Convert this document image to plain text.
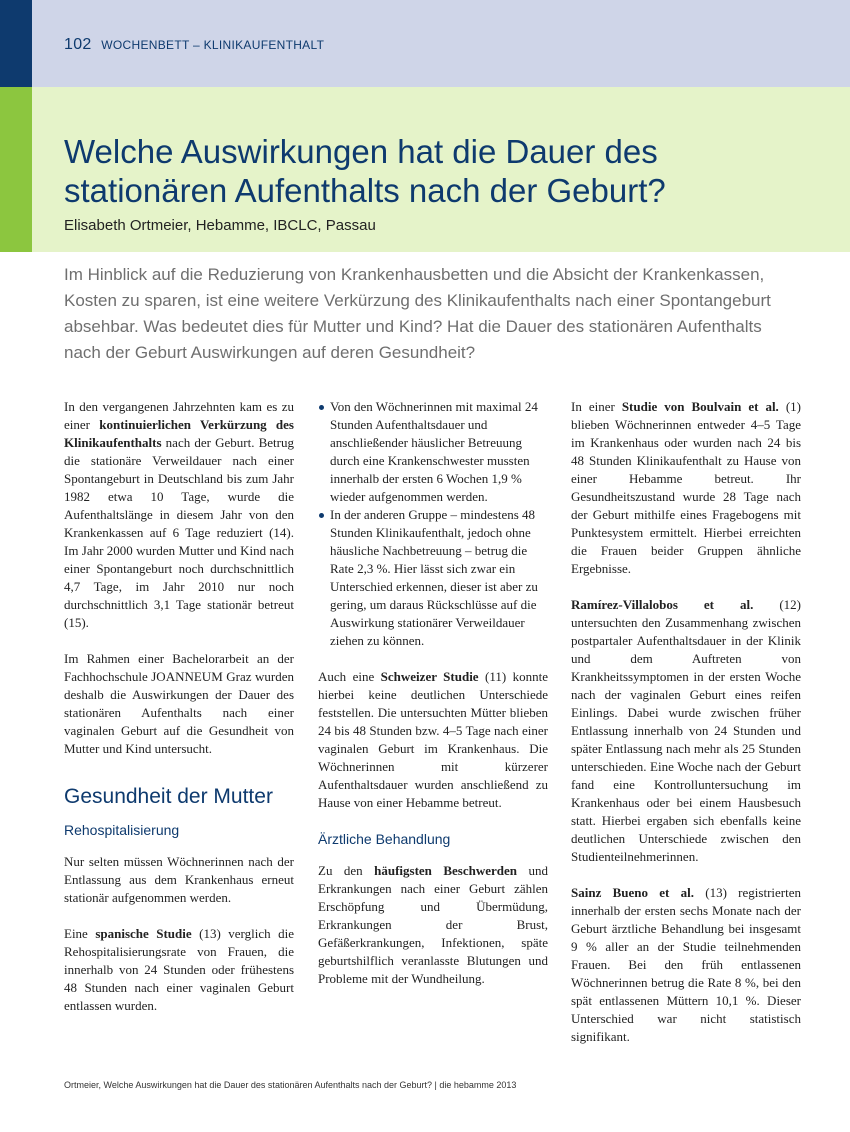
102 WOCHENBETT – KLINIKAUFENTHALT
Welche Auswirkungen hat die Dauer des stationären Aufenthalts nach der Geburt?
Elisabeth Ortmeier, Hebamme, IBCLC, Passau

Im Hinblick auf die Reduzierung von Krankenhausbetten und die Absicht der Krankenkassen, Kosten zu sparen, ist eine weitere Verkürzung des Klinikaufenthalts nach einer Spontangeburt absehbar. Was bedeutet dies für Mutter und Kind? Hat die Dauer des stationären Aufenthalts nach der Geburt Auswirkungen auf deren Gesundheit?

In den vergangenen Jahrzehnten kam es zu einer kontinuierlichen Verkürzung des Klinikaufenthalts nach der Geburt. Betrug die stationäre Verweildauer nach einer Spontangeburt in Deutschland bis zum Jahr 1982 etwa 10 Tage, wurde die Aufenthaltslänge in diesem Jahr von den Krankenkassen auf 6 Tage reduziert (14). Im Jahr 2000 wurden Mutter und Kind nach einer Spontangeburt noch durchschnittlich 4,7 Tage, im Jahr 2010 nur noch durchschnittlich 3,1 Tage stationär betreut (15).

Im Rahmen einer Bachelorarbeit an der Fachhochschule JOANNEUM Graz wurden deshalb die Auswirkungen der Dauer des stationären Aufenthalts nach einer vaginalen Geburt auf die Gesundheit von Mutter und Kind untersucht.

Gesundheit der Mutter
Rehospitalisierung

Nur selten müssen Wöchnerinnen nach der Entlassung aus dem Krankenhaus erneut stationär aufgenommen werden.

Eine spanische Studie (13) verglich die Rehospitalisierungsrate von Frauen, die innerhalb von 24 Stunden oder frühestens 48 Stunden nach einer vaginalen Geburt entlassen wurden.

Von den Wöchnerinnen mit maximal 24 Stunden Aufenthaltsdauer und anschließender häuslicher Betreuung durch eine Krankenschwester mussten innerhalb der ersten 6 Wochen 1,9 % wieder aufgenommen werden.
In der anderen Gruppe – mindestens 48 Stunden Klinikaufenthalt, jedoch ohne häusliche Nachbetreuung – betrug die Rate 2,3 %. Hier lässt sich zwar ein Unterschied erkennen, dieser ist aber zu gering, um daraus Rückschlüsse auf die Auswirkung stationärer Verweildauer ziehen zu können.

Auch eine Schweizer Studie (11) konnte hierbei keine deutlichen Unterschiede feststellen. Die untersuchten Mütter blieben 24 bis 48 Stunden bzw. 4–5 Tage nach einer vaginalen Geburt im Krankenhaus. Die Wöchnerinnen mit kürzerer Aufenthaltsdauer wurden anschließend zu Hause von einer Hebamme betreut.

Ärztliche Behandlung

Zu den häufigsten Beschwerden und Erkrankungen nach einer Geburt zählen Erschöpfung und Übermüdung, Erkrankungen der Brust, Gefäßerkrankungen, Infektionen, späte geburtshilflich veranlasste Blutungen und Probleme mit der Wundheilung.

In einer Studie von Boulvain et al. (1) blieben Wöchnerinnen entweder 4–5 Tage im Krankenhaus oder wurden nach 24 bis 48 Stunden Klinikaufenthalt zu Hause von einer Hebamme betreut. Ihr Gesundheitszustand wurde 28 Tage nach der Geburt mithilfe eines Fragebogens mit Punktesystem ermittelt. Hierbei erreichten die Frauen beider Gruppen ähnliche Ergebnisse.

Ramírez-Villalobos et al. (12) untersuchten den Zusammenhang zwischen postpartaler Aufenthaltsdauer in der Klinik und dem Auftreten von Krankheitssymptomen in der ersten Woche nach der vaginalen Geburt eines reifen Einlings. Dabei wurde zwischen früher Entlassung innerhalb von 24 Stunden und später Entlassung nach mehr als 25 Stunden unterschieden. Eine Woche nach der Geburt fand eine Kontrolluntersuchung im Krankenhaus oder bei einem Hausbesuch statt. Hierbei ergaben sich ebenfalls keine deutlichen Unterschiede zwischen den Studienteilnehmerinnen.

Sainz Bueno et al. (13) registrierten innerhalb der ersten sechs Monate nach der Geburt ärztliche Behandlung bei insgesamt 9 % aller an der Studie teilnehmenden Frauen. Bei den früh entlassenen Wöchnerinnen betrug die Rate 8 %, bei den spät entlassenen Müttern 10,1 %. Dieser Unterschied war nicht statistisch signifikant.

Ortmeier, Welche Auswirkungen hat die Dauer des stationären Aufenthalts nach der Geburt? | die hebamme 2013
